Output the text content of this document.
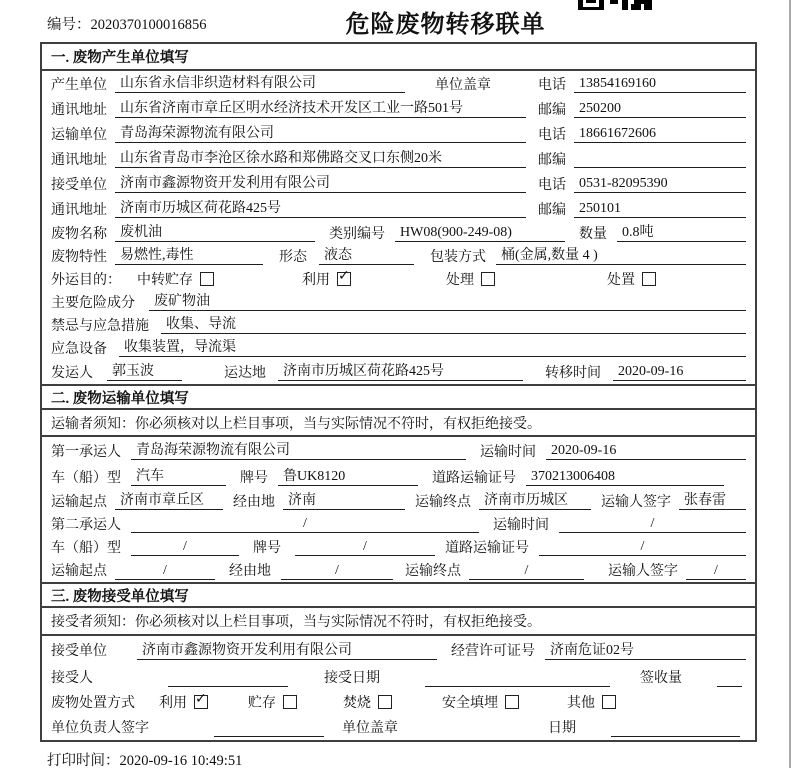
编号：2020370100016856	危险废物转移联单
一. 废物产生单位填写
产生单位 山东省永信非织造材料有限公司	单位盖章	电话 13854169160
通讯地址 山东省济南市章丘区明水经济技术开发区工业一路501号	邮编 250200
运输单位 青岛海荣源物流有限公司	电话 18661672606
通讯地址 山东省青岛市李沧区徐水路和郑佛路交叉口东侧20米	邮编
接受单位 济南市鑫源物资开发利用有限公司	电话 0531-82095390
通讯地址 济南市历城区荷花路425号	邮编 250101
废物名称 废机油	类别编号	HW08(900-249-08)	数量	0.8吨
废物特性 易燃性,毒性	形态	液态	包装方式	桶(金属,数量 4 )
外运目的： 中转贮存	利用 ✓	处理	处置
主要危险成分	废矿物油
禁忌与应急措施	收集、导流
应急设备	收集装置，导流渠
发运人	郭玉波	运达地	济南市历城区荷花路425号	转移时间	2020-09-16
二. 废物运输单位填写
运输者须知：你必须核对以上栏目事项，当与实际情况不符时，有权拒绝接受。
第一承运人	青岛海荣源物流有限公司	运输时间	2020-09-16
车（船）型	汽车	牌号	鲁UK8120	道路运输证号	370213006408
运输起点 济南市章丘区	经由地 济南	运输终点 济南市历城区	运输人签字 张春雷
第二承运人	/	运输时间	/
车（船）型	/	牌号	/	道路运输证号	/
运输起点	/	经由地	/	运输终点	/	运输人签字	/
三. 废物接受单位填写
接受者须知：你必须核对以上栏目事项，当与实际情况不符时，有权拒绝接受。
接受单位	济南市鑫源物资开发利用有限公司	经营许可证号	济南危证02号
接受人	接受日期	签收量
废物处置方式 利用 ✓	贮存	焚烧	安全填埋	其他
单位负责人签字	单位盖章	日期
打印时间：2020-09-16 10:49:51
